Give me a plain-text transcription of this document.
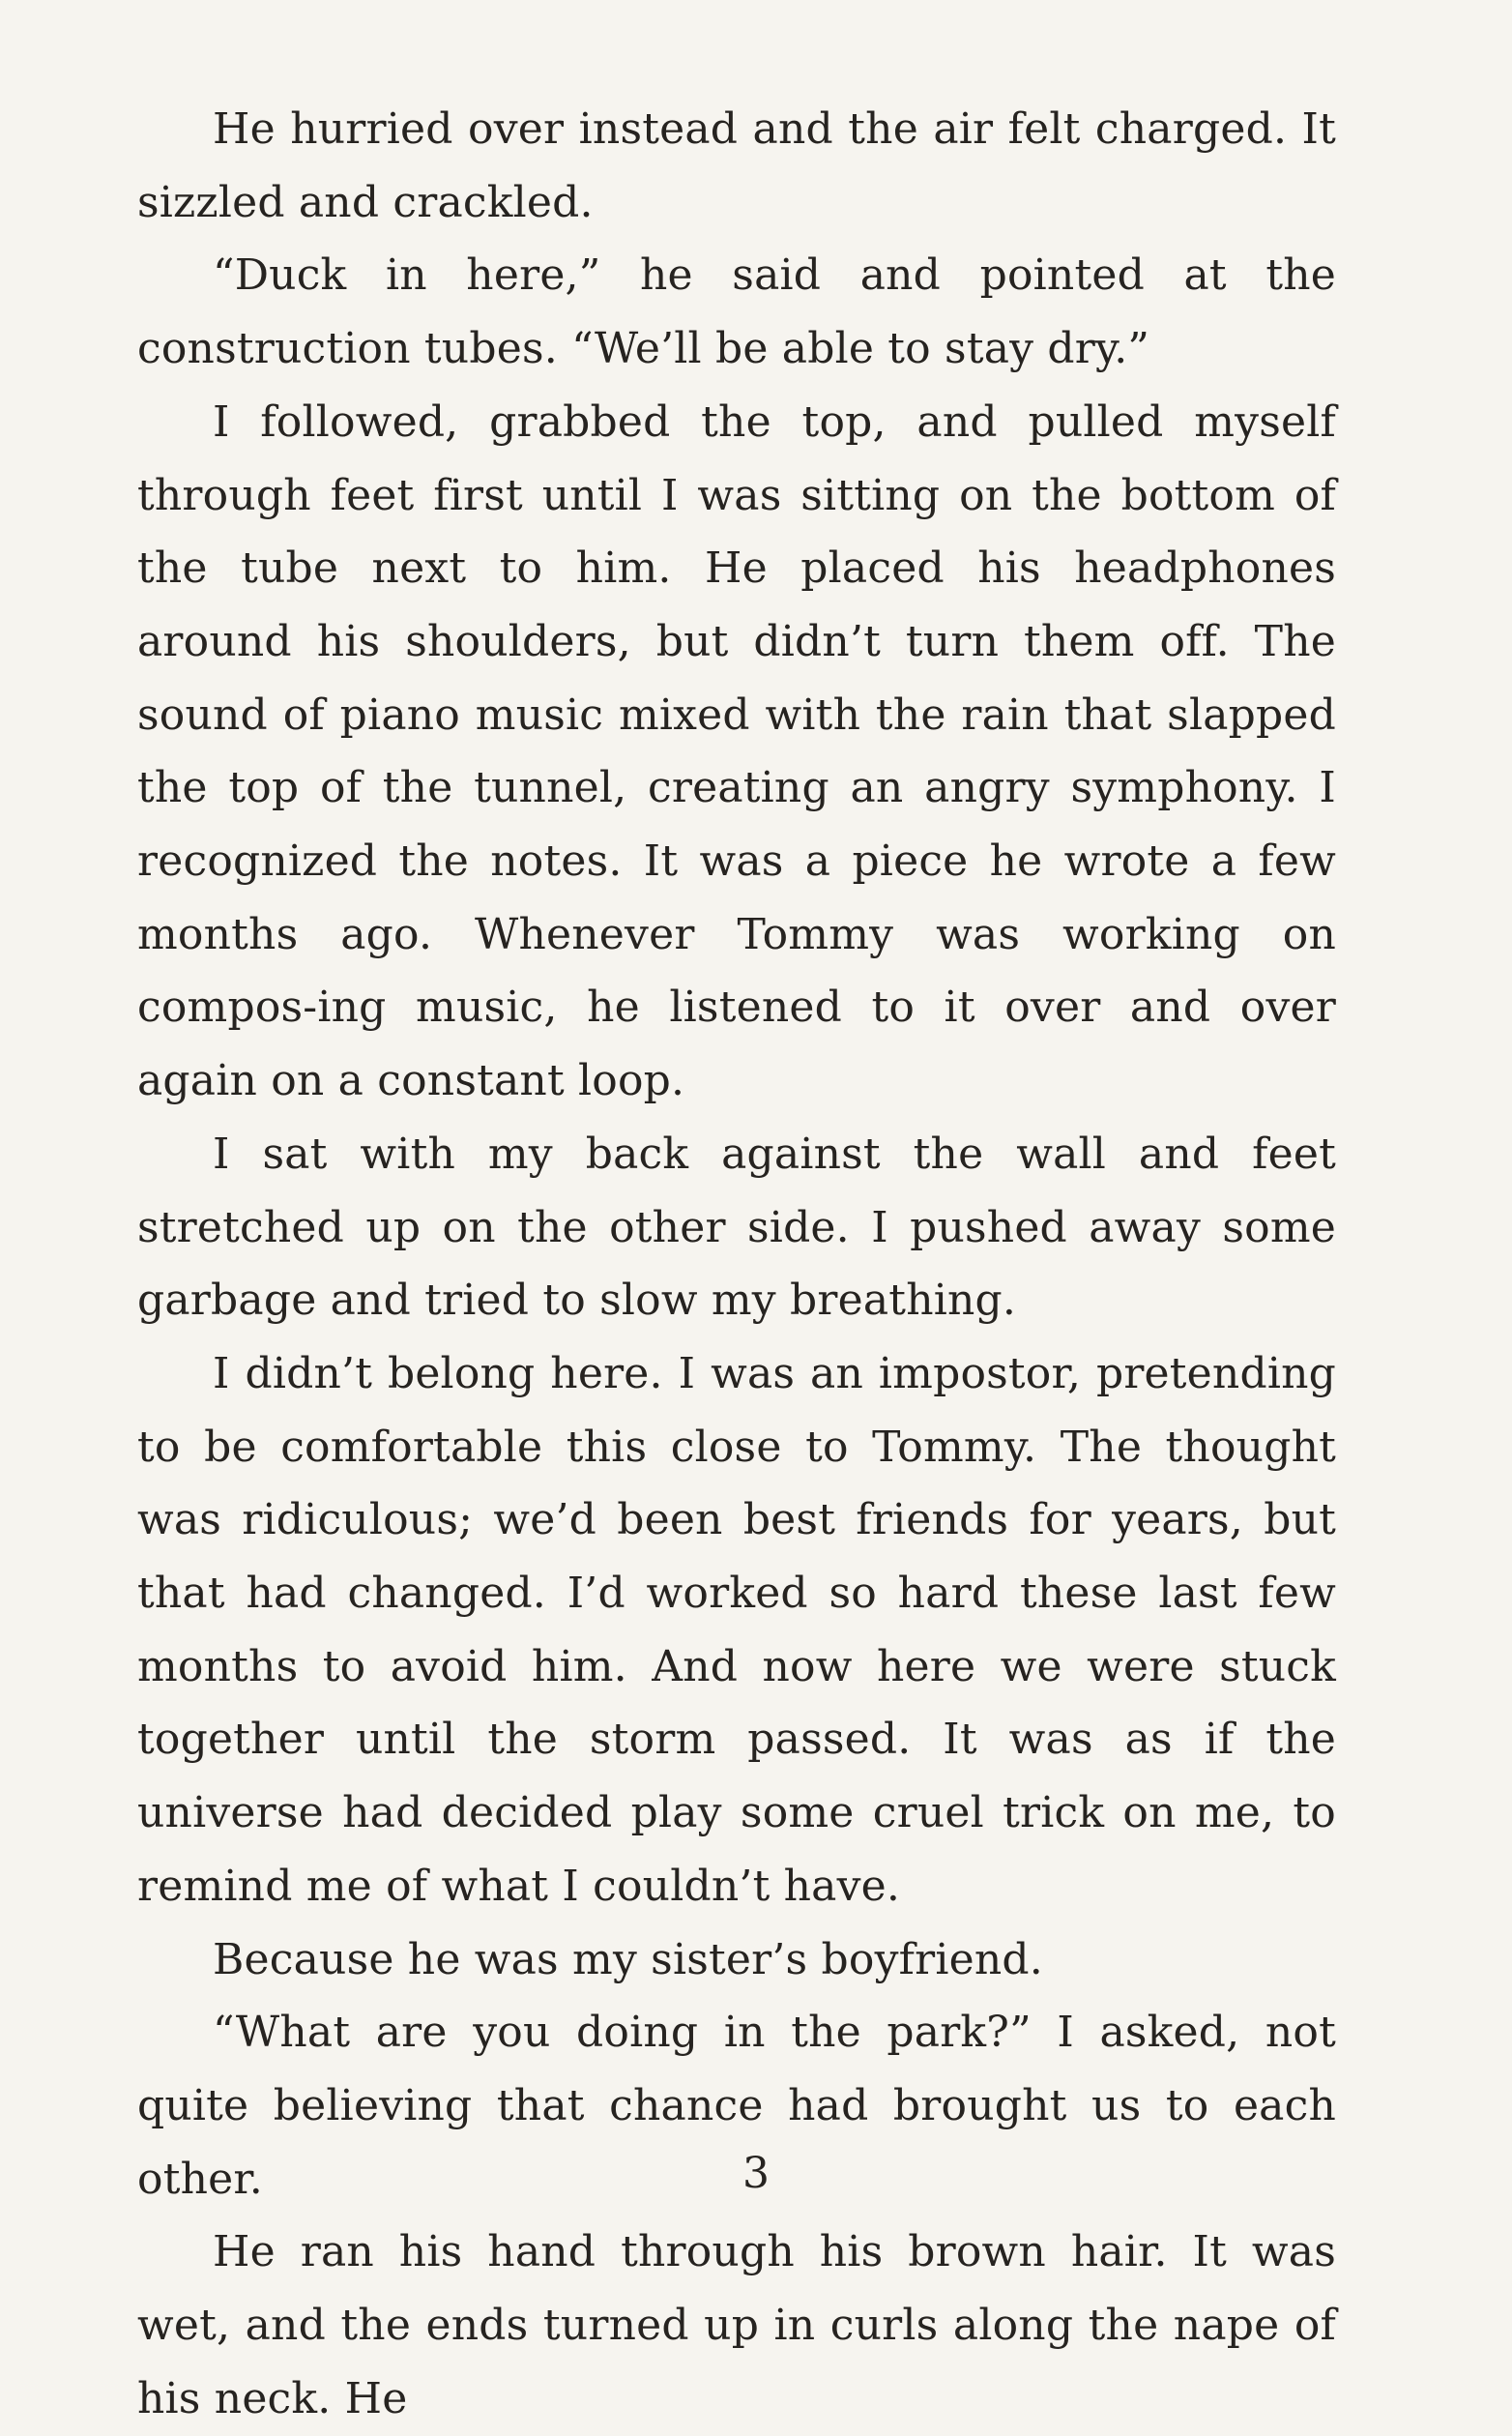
He hurried over instead and the air felt charged. It sizzled and crackled.

“Duck in here,” he said and pointed at the construction tubes. “We’ll be able to stay dry.”

I followed, grabbed the top, and pulled myself through feet first until I was sitting on the bottom of the tube next to him. He placed his headphones around his shoulders, but didn’t turn them off. The sound of piano music mixed with the rain that slapped the top of the tunnel, creating an angry symphony. I recognized the notes. It was a piece he wrote a few months ago. Whenever Tommy was working on compos-ing music, he listened to it over and over again on a constant loop.

I sat with my back against the wall and feet stretched up on the other side. I pushed away some garbage and tried to slow my breathing.

I didn’t belong here. I was an impostor, pretending to be comfortable this close to Tommy. The thought was ridiculous; we’d been best friends for years, but that had changed. I’d worked so hard these last few months to avoid him. And now here we were stuck together until the storm passed. It was as if the universe had decided play some cruel trick on me, to remind me of what I couldn’t have.

Because he was my sister’s boyfriend.

“What are you doing in the park?” I asked, not quite believing that chance had brought us to each other.

He ran his hand through his brown hair. It was wet, and the ends turned up in curls along the nape of his neck. He

3
